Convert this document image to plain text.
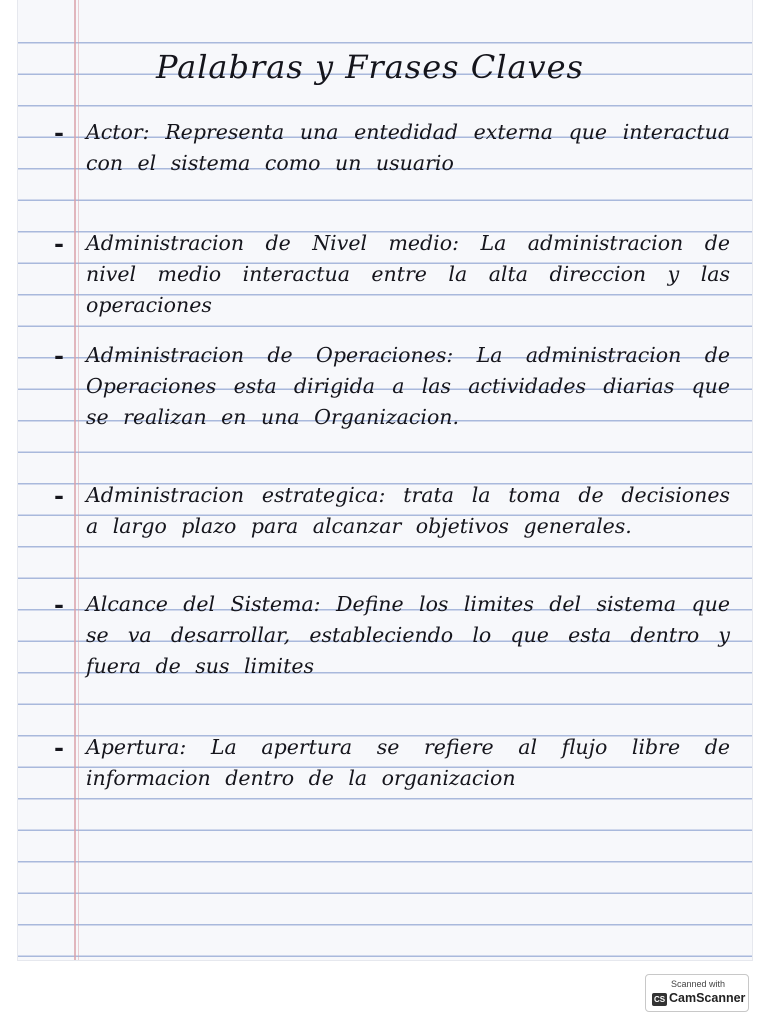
Palabras y Frases Claves
- Actor: Representa una entedidad externa que interactua con el sistema como un usuario
- Administracion de Nivel medio: La administracion de nivel medio interactua entre la alta direccion y las operaciones
- Administracion de Operaciones: La administracion de Operaciones esta dirigida a las actividades diarias que se realizan en una Organizacion.
- Administracion estrategica: trata la toma de decisiones a largo plazo para alcanzar objetivos generales.
- Alcance del Sistema: Define los limites del sistema que se va desarrollar, estableciendo lo que esta dentro y fuera de sus limites
- Apertura: La apertura se refiere al flujo libre de informacion dentro de la organizacion
Scanned with
CS CamScanner
